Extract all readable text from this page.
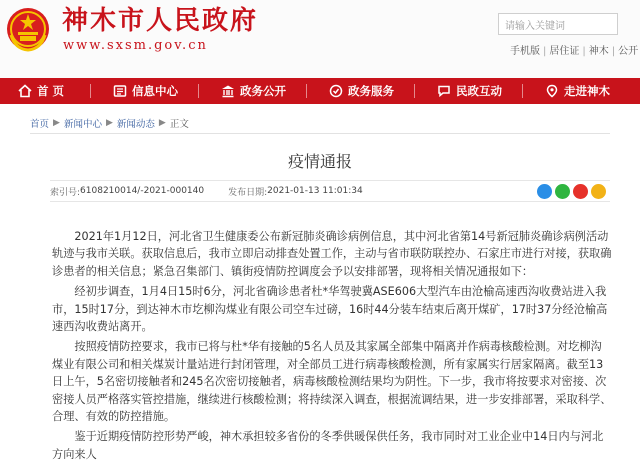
神木市人民政府
www.sxsm.gov.cn
请输入关键词	手机版 | 居住证 | 神木 | 公开
首 页	信息中心	政务公开	政务服务	民政互动	走进神木
首页 ▶ 新闻中心 ▶ 新闻动态 ▶ 正文
疫情通报
索引号: 6108210014/-2021-000140	发布日期: 2021-01-13 11:01:34

2021年1月12日，河北省卫生健康委公布新冠肺炎确诊病例信息，其中河北省第14号新冠肺炎确诊病例活动轨迹与我市关联。获取信息后，我市立即启动排查处置工作，主动与省市联防联控办、石家庄市进行对接，获取确诊患者的相关信息；紧急召集部门、镇街疫情防控调度会予以安排部署，现将相关情况通报如下：

经初步调查，1月4日15时6分，河北省确诊患者杜*华驾驶冀ASE606大型汽车由沧榆高速西沟收费站进入我市，15时17分，到达神木市圪柳沟煤业有限公司空车过磅，16时44分装车结束后离开煤矿，17时37分经沧榆高速西沟收费站离开。

按照疫情防控要求，我市已将与杜*华有接触的5名人员及其家属全部集中隔离并作病毒核酸检测。对圪柳沟煤业有限公司和相关煤炭计量站进行封闭管理，对全部员工进行病毒核酸检测，所有家属实行居家隔离。截至13日上午，5名密切接触者和245名次密切接触者，病毒核酸检测结果均为阴性。下一步，我市将按要求对密接、次密接人员严格落实管控措施，继续进行核酸检测；将持续深入调查，根据流调结果，进一步安排部署，采取科学、合理、有效的防控措施。

鉴于近期疫情防控形势严峻，神木承担较多省份的冬季供暖保供任务，我市同时对工业企业中14日内与河北方向来人
